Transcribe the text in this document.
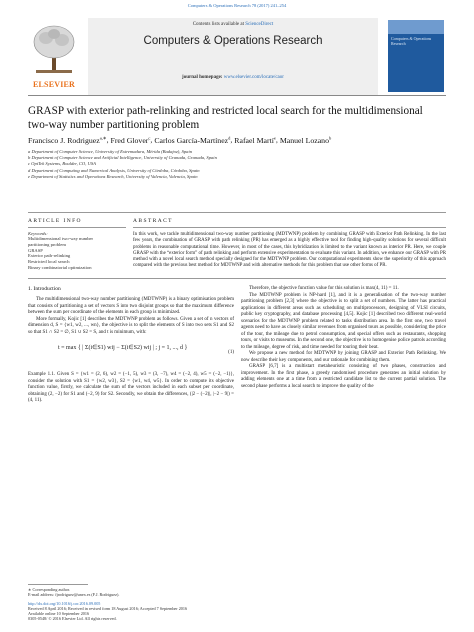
Computers & Operations Research 78 (2017) 241–254
ELSEVIER
Contents lists available at ScienceDirect
Computers & Operations Research
journal homepage: www.elsevier.com/locate/caor
Computers & Operations Research
GRASP with exterior path-relinking and restricted local search for the multidimensional two-way number partitioning problem
Francisco J. Rodriguez$^{a,∗}$, Fred Glover$^c$, Carlos García-Martínez$^d$, Rafael Martí$^e$, Manuel Lozano$^b$
a Department of Computer Science, University of Extremadura, Mérida (Badajoz), Spain
b Department of Computer Science and Artificial Intelligence, University of Granada, Granada, Spain
c OptTek Systems, Boulder, CO, USA
d Department of Computing and Numerical Analysis, University of Córdoba, Córdoba, Spain
e Department of Statistics and Operations Research, University of Valencia, Valencia, Spain
ARTICLE INFO
Keywords:
Multidimensional two-way number
partitioning problem
GRASP
Exterior path-relinking
Restricted local search
Binary combinatorial optimization
ABSTRACT
In this work, we tackle multidimensional two-way number partitioning (MDTWNP) problem by combining GRASP with Exterior Path Relinking. In the last few years, the combination of GRASP with path relinking (PR) has emerged as a highly effective tool for finding high-quality solutions for several difficult problems in reasonable computational time. However, in most of the cases, this hybridization is limited to the variant known as interior PR. Here, we couple GRASP with the “exterior form” of path relinking and perform extensive experimentation to evaluate this variant. In addition, we enhance our GRASP with PR method with a novel local search method specially designed for the MDTWNP problem. Our computational experiments show the superiority of this approach compared with the previous best method for MDTWNP and with alternative methods for this problem that use other forms of PR.
1. Introduction

The multidimensional two-way number partitioning (MDTWNP) is a binary optimisation problem that consists of partitioning a set of vectors S into two disjoint groups so that the maximum difference between the sum per coordinate of the elements in each group is minimized.

More formally, Kojic [1] describes the MDTWNP problem as follows. Given a set of n vectors of dimension d, S = {w1, w2, ..., wn}, the objective is to split the elements of S into two sets S1 and S2 so that S1 ∩ S2 = ∅, S1 ∪ S2 = S, and t is minimum, with:

t = max { | Σ(i∈S1) wij − Σ(i∈S2) wij | ; j = 1, ..., d }
(1)

Example 1.1. Given S = {w1 = (2, 6), w2 = (−1, 5), w3 = (3, −7), w4 = (−2, 4), w5 = (−2, −1)}, consider the solution with S1 = {w2, w3}, S2 = {w1, w4, w5}. In order to compute its objective function value, firstly, we calculate the sum of the vectors included in each subset per coordinate, obtaining (2, −2) for S1 and (−2, 9) for S2. Secondly, we obtain the differences, (|2 − (−2)|, |−2 − 9|) = (4, 11).

Therefore, the objective function value for this solution is max(4, 11) = 11.

The MDTWNP problem is NP-hard [1], and it is a generalisation of the two-way number partitioning problem [2,3] where the objective is to split a set of numbers. The latter has practical applications in different areas such as scheduling on multiprocessors, designing of VLSI circuits, public key cryptography, and database processing [4,5]. Kojic [1] described two different real-world scenarios for the MDTWNP problem related to tasks distribution area. In the first one, two travel agents need to have as closely similar revenues from organised tours as possible, considering the price of the tour, the mileage due to petrol consumption, and special offers such as restaurants, shopping tours, or visits to museums. In the second one, the objective is to homogenise police patrols according to the mileage, degree of risk, and time needed for touring their beat.

We propose a new method for MDTWNP by joining GRASP and Exterior Path Relinking. We now describe their key components, and our rationale for combining them.

GRASP [6,7] is a multistart metaheuristic consisting of two phases, construction and improvement. In the first phase, a greedy randomised procedure generates an initial solution by adding elements one at a time from a restricted candidate list to the current partial solution. The second phase performs a local search to improve the quality of the

∗ Corresponding author.
E-mail address: fjrodriguez@unex.es (F.J. Rodriguez).
http://dx.doi.org/10.1016/j.cor.2016.09.005
Received 8 April 2016; Received in revised form 18 August 2016; Accepted 7 September 2016
Available online 10 September 2016
0305-0548/ © 2016 Elsevier Ltd. All rights reserved.
